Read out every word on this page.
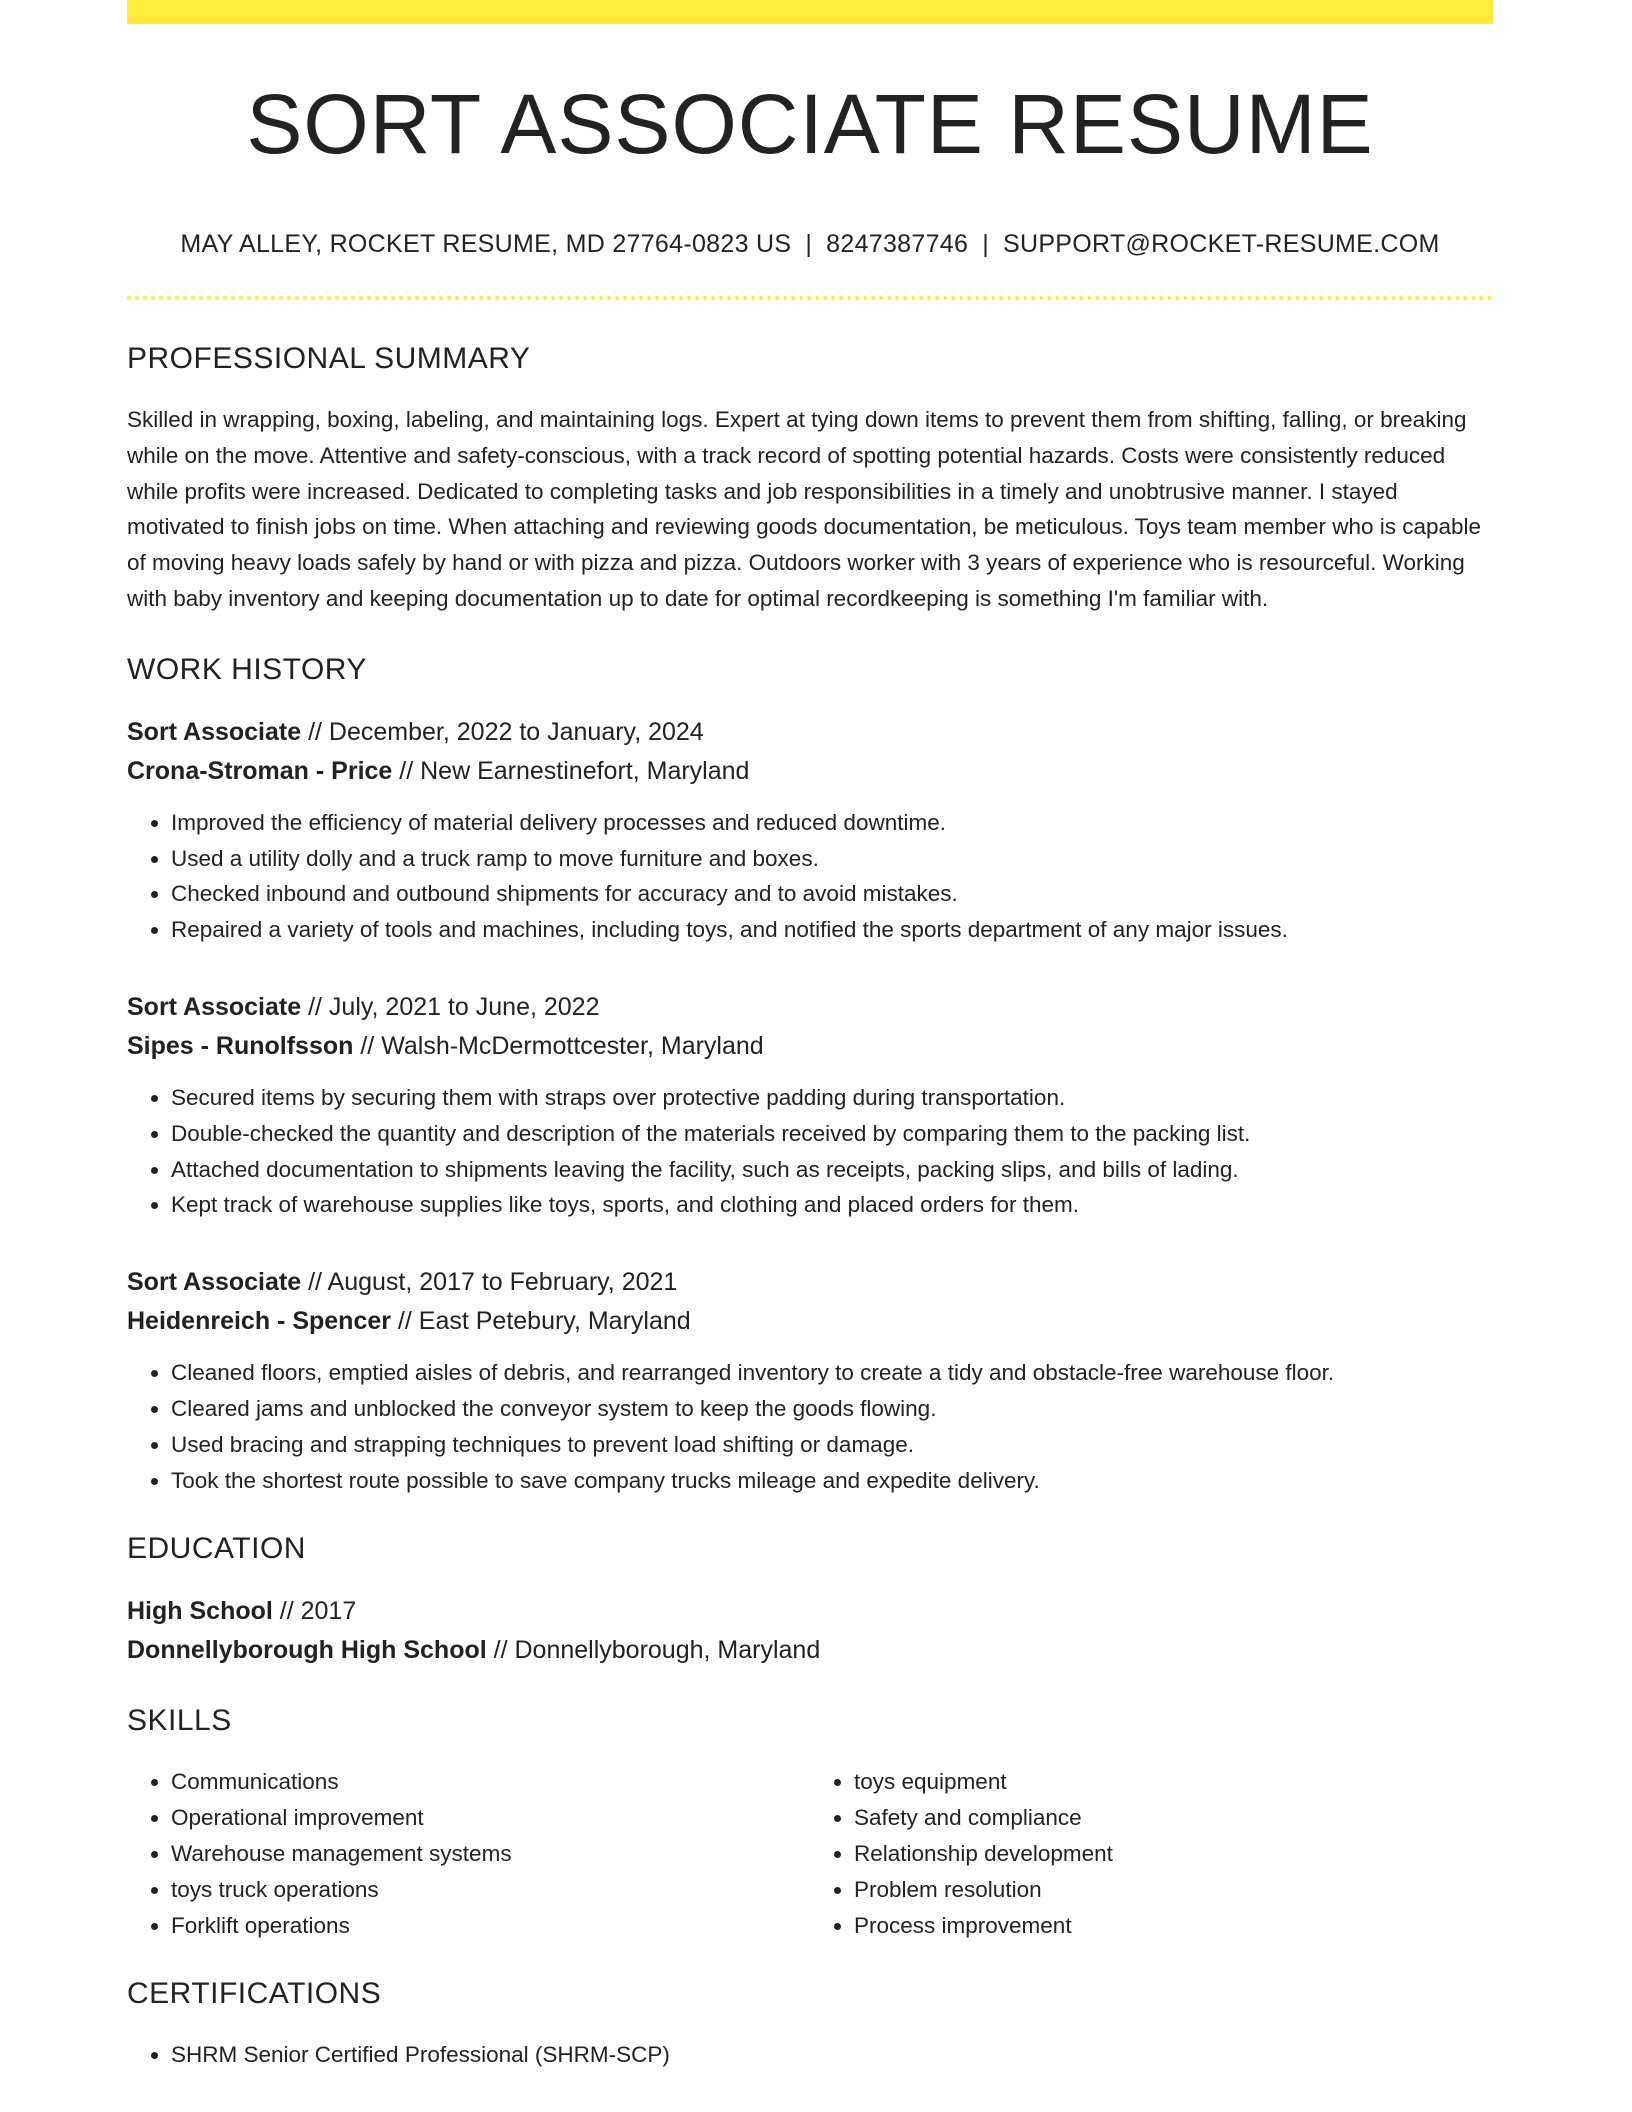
SORT ASSOCIATE RESUME
MAY ALLEY, ROCKET RESUME, MD 27764-0823 US | 8247387746 | SUPPORT@ROCKET-RESUME.COM
PROFESSIONAL SUMMARY

Skilled in wrapping, boxing, labeling, and maintaining logs. Expert at tying down items to prevent them from shifting, falling, or breaking while on the move. Attentive and safety-conscious, with a track record of spotting potential hazards. Costs were consistently reduced while profits were increased. Dedicated to completing tasks and job responsibilities in a timely and unobtrusive manner. I stayed motivated to finish jobs on time. When attaching and reviewing goods documentation, be meticulous. Toys team member who is capable of moving heavy loads safely by hand or with pizza and pizza. Outdoors worker with 3 years of experience who is resourceful. Working with baby inventory and keeping documentation up to date for optimal recordkeeping is something I'm familiar with.

WORK HISTORY
Sort Associate // December, 2022 to January, 2024
Crona-Stroman - Price // New Earnestinefort, Maryland
• Improved the efficiency of material delivery processes and reduced downtime.
• Used a utility dolly and a truck ramp to move furniture and boxes.
• Checked inbound and outbound shipments for accuracy and to avoid mistakes.
• Repaired a variety of tools and machines, including toys, and notified the sports department of any major issues.
Sort Associate // July, 2021 to June, 2022
Sipes - Runolfsson // Walsh-McDermottcester, Maryland
• Secured items by securing them with straps over protective padding during transportation.
• Double-checked the quantity and description of the materials received by comparing them to the packing list.
• Attached documentation to shipments leaving the facility, such as receipts, packing slips, and bills of lading.
• Kept track of warehouse supplies like toys, sports, and clothing and placed orders for them.
Sort Associate // August, 2017 to February, 2021
Heidenreich - Spencer // East Petebury, Maryland
• Cleaned floors, emptied aisles of debris, and rearranged inventory to create a tidy and obstacle-free warehouse floor.
• Cleared jams and unblocked the conveyor system to keep the goods flowing.
• Used bracing and strapping techniques to prevent load shifting or damage.
• Took the shortest route possible to save company trucks mileage and expedite delivery.
EDUCATION
High School // 2017
Donnellyborough High School // Donnellyborough, Maryland
SKILLS
• Communications
• Operational improvement
• Warehouse management systems
• toys truck operations
• Forklift operations
• toys equipment
• Safety and compliance
• Relationship development
• Problem resolution
• Process improvement
CERTIFICATIONS
• SHRM Senior Certified Professional (SHRM-SCP)
